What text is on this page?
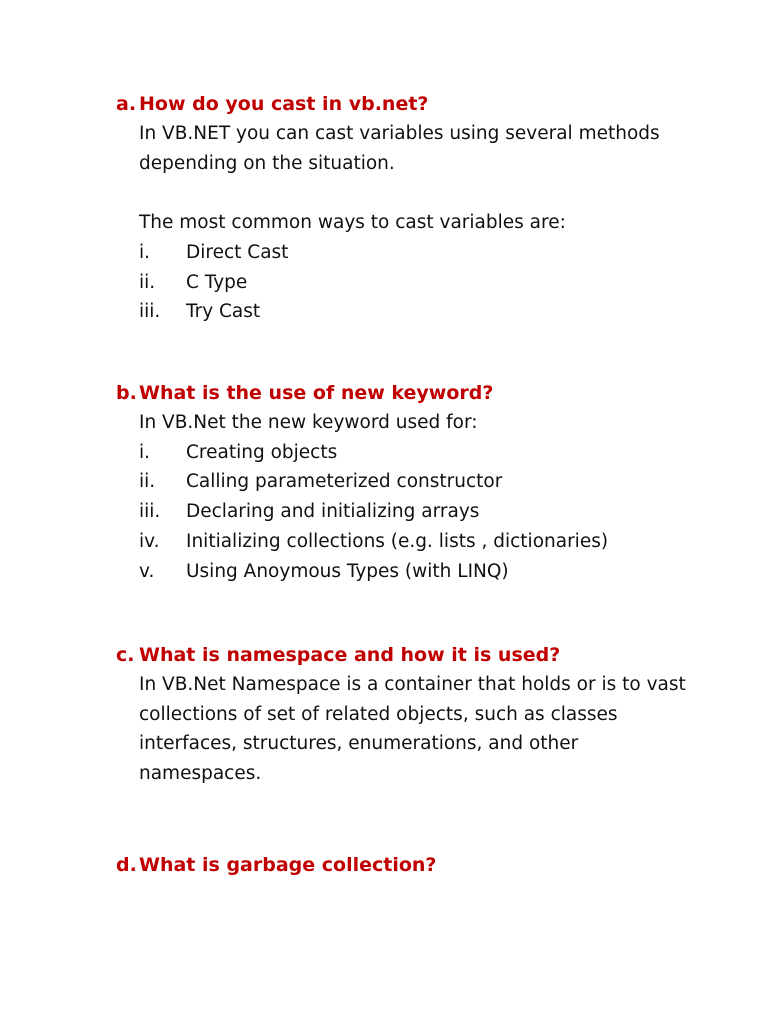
a. How do you cast in vb.net?

In VB.NET you can cast variables using several methods depending on the situation.

The most common ways to cast variables are:

i.	Direct Cast
ii.	C Type
iii.	Try Cast
b. What is the use of new keyword?

In VB.Net the new keyword used for:

i.	Creating objects
ii.	Calling parameterized constructor
iii.	Declaring and initializing arrays
iv.	Initializing collections (e.g. lists , dictionaries)
v.	Using Anoymous Types (with LINQ)
c. What is namespace and how it is used?

In VB.Net Namespace is a container that holds or is to vast collections of set of related objects, such as classes interfaces, structures, enumerations, and other namespaces.

d. What is garbage collection?
